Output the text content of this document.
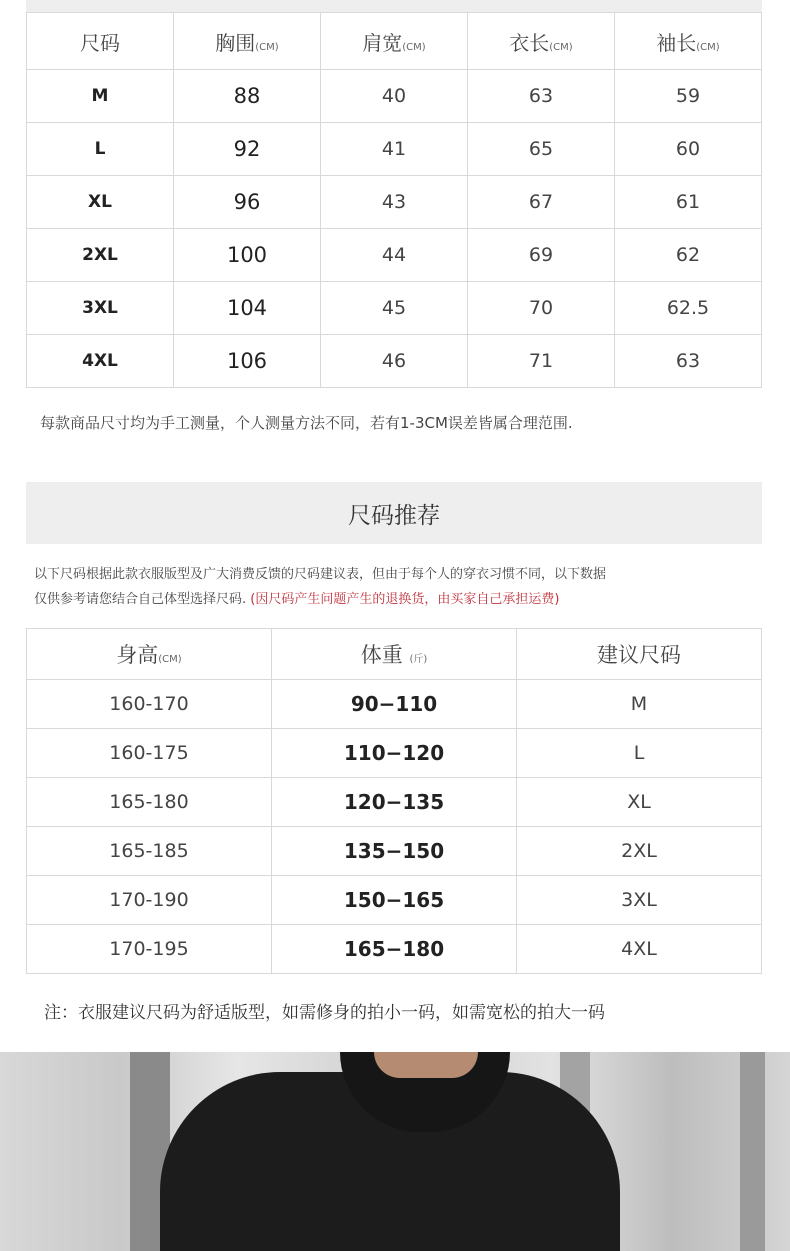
尺码	胸围(CM)	肩宽(CM)	衣长(CM)	袖长(CM)
M	88	40	63	59
L	92	41	65	60
XL	96	43	67	61
2XL	100	44	69	62
3XL	104	45	70	62.5
4XL	106	46	71	63
每款商品尺寸均为手工测量，个人测量方法不同，若有1-3CM误差皆属合理范围.
尺码推荐
以下尺码根据此款衣服版型及广大消费反馈的尺码建议表，但由于每个人的穿衣习惯不同，以下数据
仅供参考请您结合自己体型选择尺码. (因尺码产生问题产生的退换货，由买家自己承担运费)
身高(CM)	体重 (斤)	建议尺码
160-170	90−110	M
160-175	110−120	L
165-180	120−135	XL
165-185	135−150	2XL
170-190	150−165	3XL
170-195	165−180	4XL
注：衣服建议尺码为舒适版型，如需修身的拍小一码，如需宽松的拍大一码
